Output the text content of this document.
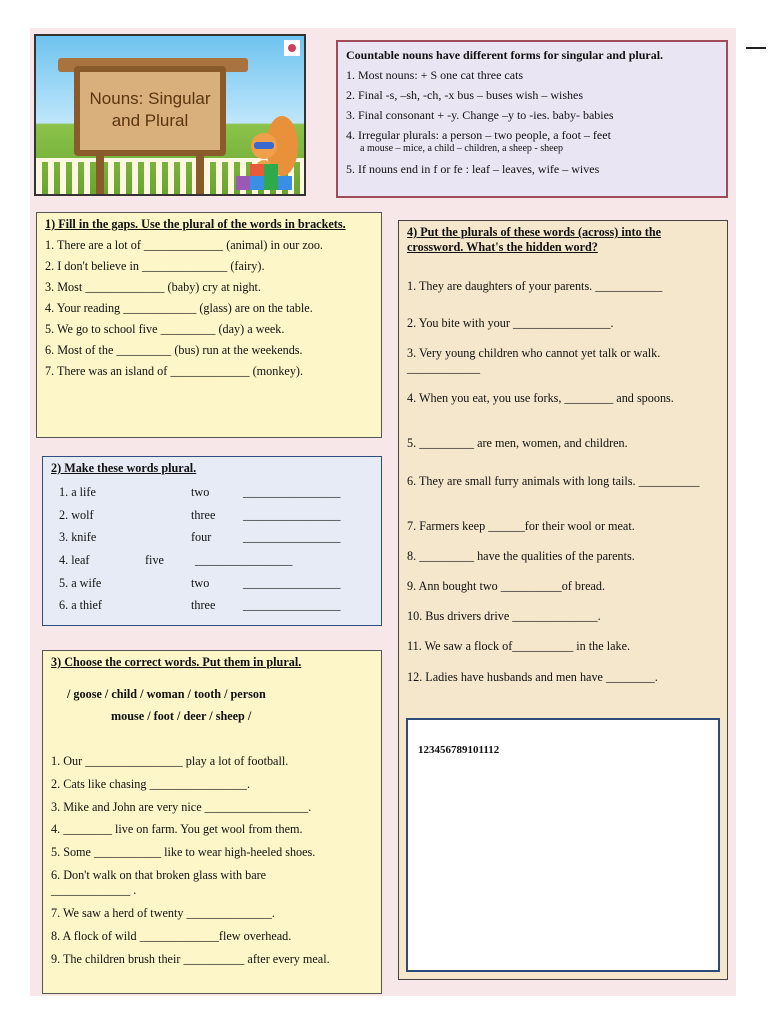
Nouns: Singular
and Plural

Countable nouns have different forms for singular and plural.

1. Most nouns: + S one cat three cats

2. Final -s, –sh, -ch, -x bus – buses wish – wishes

3. Final consonant + -y. Change –y to -ies. baby- babies

4. Irregular plurals: a person – two people, a foot – feet

a mouse – mice, a child – children, a sheep - sheep

5. If nouns end in f or fe : leaf – leaves, wife – wives

1) Fill in the gaps. Use the plural of the words in brackets.

1. There are a lot of _____________ (animal) in our zoo.

2. I don't believe in ______________ (fairy).

3. Most _____________ (baby) cry at night.

4. Your reading ____________ (glass) are on the table.

5. We go to school five _________ (day) a week.

6. Most of the _________ (bus) run at the weekends.

7. There was an island of _____________ (monkey).

2) Make these words plural.

1. a life	two	________________
2. wolf	three ________________
3. knife	four	________________
4. leaf	five	________________
5. a wife	two	________________
6. a thief	three ________________

3) Choose the correct words. Put them in plural.

/ goose / child / woman / tooth / person

mouse / foot / deer / sheep /

1. Our ________________ play a lot of football.

2. Cats like chasing ________________.

3. Mike and John are very nice _________________.

4. ________ live on farm. You get wool from them.

5. Some ___________ like to wear high-heeled shoes.

6. Don't walk on that broken glass with bare _____________ .

7. We saw a herd of twenty ______________.

8. A flock of wild _____________flew overhead.

9. The children brush their __________ after every meal.

4) Put the plurals of these words (across) into the crossword. What's the hidden word?

1. They are daughters of your parents. ___________

2. You bite with your ________________.

3. Very young children who cannot yet talk or walk. ____________

4. When you eat, you use forks, ________ and spoons.

5. _________ are men, women, and children.

6. They are small furry animals with long tails. __________

7. Farmers keep ______for their wool or meat.

8. _________ have the qualities of the parents.

9. Ann bought two __________of bread.

10. Bus drivers drive ______________.

11. We saw a flock of__________ in the lake.

12. Ladies have husbands and men have ________.

123456789101112
